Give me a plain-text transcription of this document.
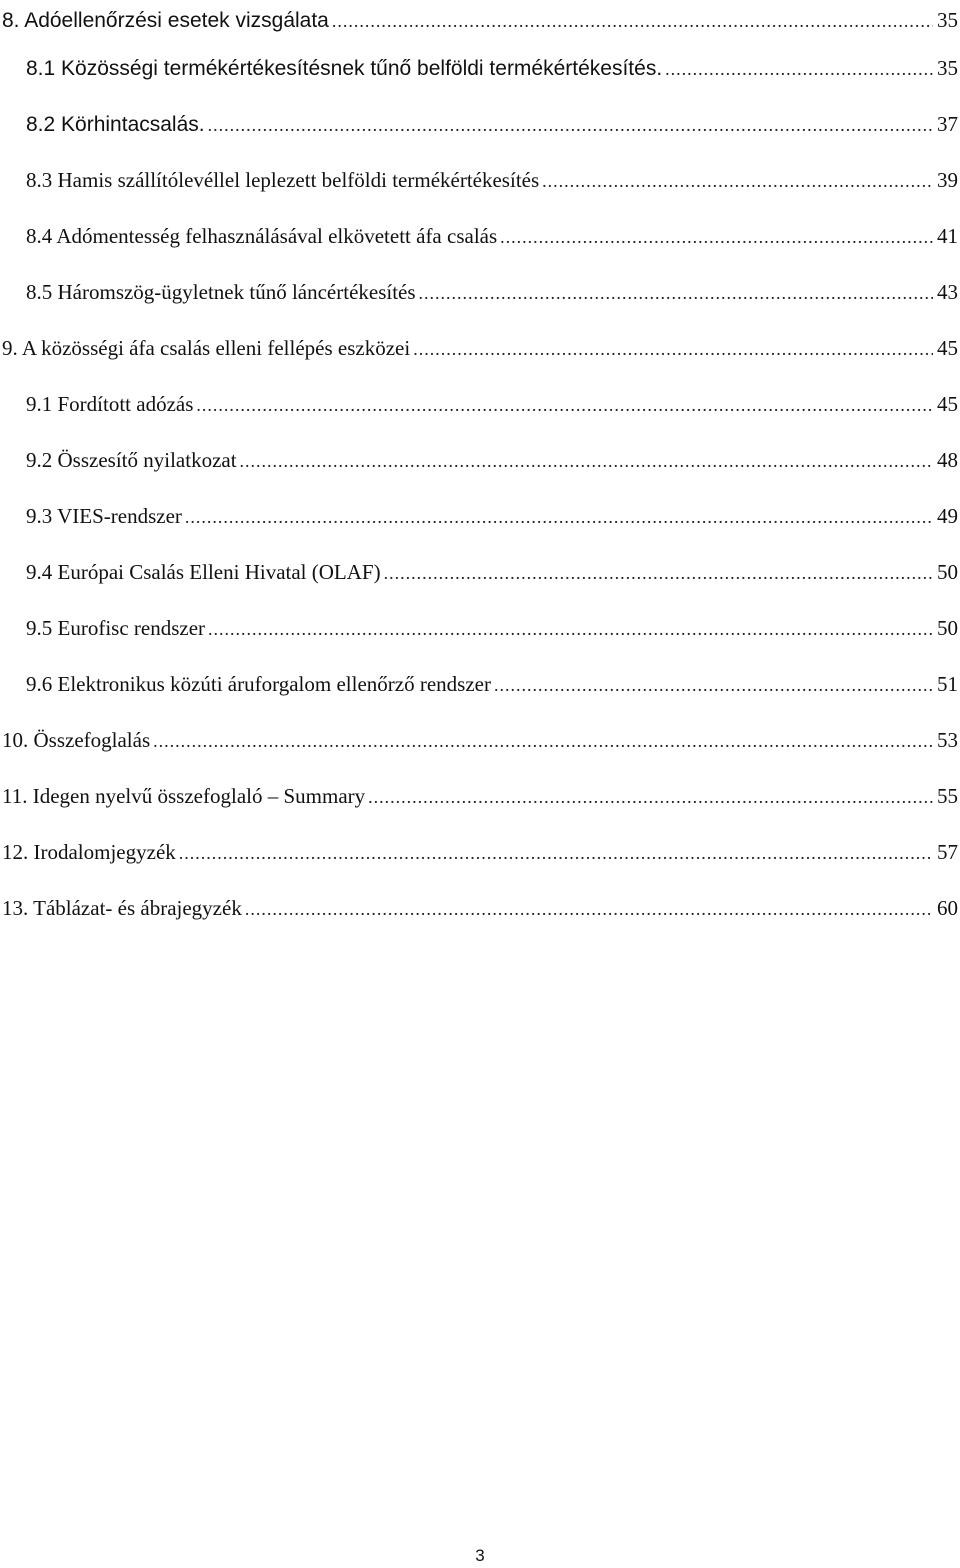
8. Adóellenőrzési esetek vizsgálata .....	35
8.1 Közösségi termékértékesítésnek tűnő belföldi termékértékesítés. .....	35
8.2 Körhintacsalás. .....	37
8.3 Hamis szállítólevéllel leplezett belföldi termékértékesítés .....	39
8.4 Adómentesség felhasználásával elkövetett áfa csalás .....	41
8.5 Háromszög-ügyletnek tűnő láncértékesítés .....	43
9. A közösségi áfa csalás elleni fellépés eszközei .....	45
9.1 Fordított adózás .....	45
9.2 Összesítő nyilatkozat .....	48
9.3 VIES-rendszer .....	49
9.4 Európai Csalás Elleni Hivatal (OLAF) .....	50
9.5 Eurofisc rendszer .....	50
9.6 Elektronikus közúti áruforgalom ellenőrző rendszer .....	51
10. Összefoglalás .....	53
11. Idegen nyelvű összefoglaló – Summary .....	55
12. Irodalomjegyzék .....	57
13. Táblázat- és ábrajegyzék .....	60
3
